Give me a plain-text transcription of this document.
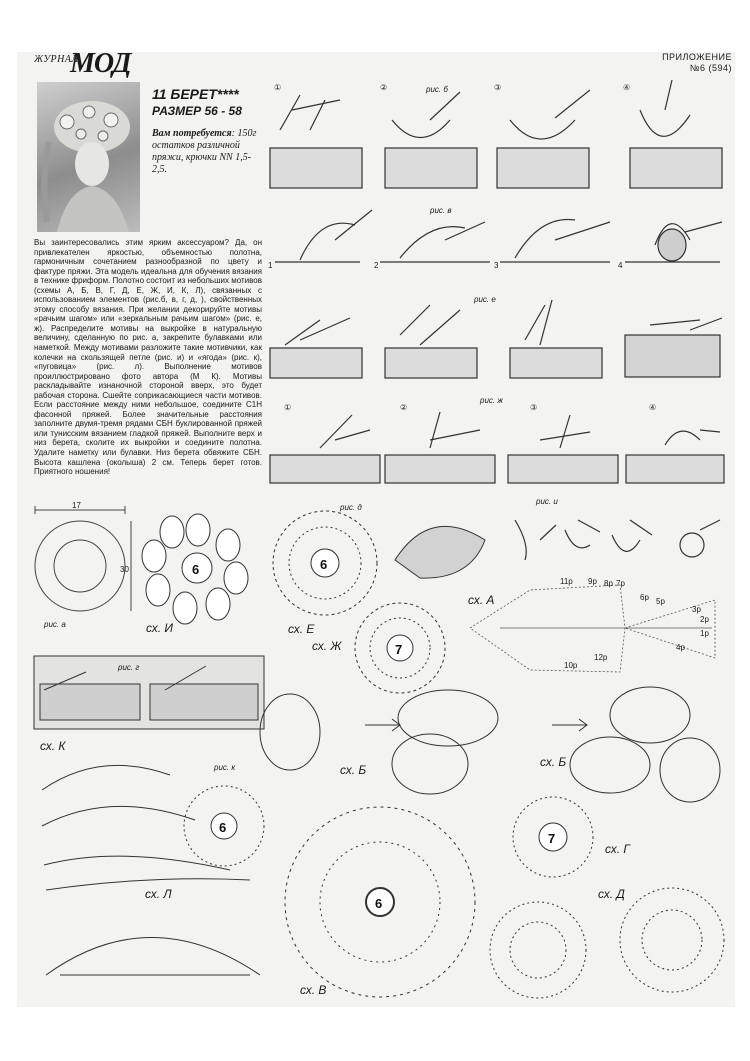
ЖУРНАЛ
МОД	ПРИЛОЖЕНИЕ
№6 (594)
11 БЕРЕТ****
РАЗМЕР 56 - 58
Вам потребуется: 150г остатков различной пряжи, крючки NN 1,5-2,5.

Вы заинтересовались этим ярким аксессуаром? Да, он привлекателен яркостью, объемностью полотна, гармоничным сочетанием разнообразной по цвету и фактуре пряжи. Эта модель идеальна для обучения вязания в технике фриформ. Полотно состоит из небольших мотивов (схемы А, Б, В, Г, Д, Е, Ж, И, К, Л), связанных с использованием элементов (рис.б, в, г, д, ), свойственных этому способу вязания. При желании декорируйте мотивы «рачьим шагом» или «зеркальным рачьим шагом» (рис. е, ж). Распределите мотивы на выкройке в натуральную величину, сделанную по рис. а, закрепите булавками или наметкой. Между мотивами разложите такие мотивчики, как колечки на скользящей петле (рис. и) и «ягода» (рис. к), «пуговица» (рис. л). Выполнение мотивов проиллюстрировано фото автора (М К). Мотивы раскладывайте изнаночной стороной вверх, это будет рабочая сторона. Сшейте соприкасающиеся части мотивов. Если расстояние между ними небольшое, соедините С1Н фасонной пряжей. Более значительные расстояния заполните двумя-тремя рядами СБН буклированной пряжей или тунисским вязанием гладкой пряжей. Выполните верх и низ берета, сколите их выкройки и соедините полотна. Удалите наметку или булавки. Низ берета обвяжите СБН. Высота кашлена (околыша) 2 см. Теперь берет готов. Приятного ношения!

①	②	③	④
рис. б
рис. в
1	2	3	4
рис. е
①	②	③	④
рис. ж
17
30
рис. а
6
сх. И
6
сх. Е
рис. д
рис. и
сх. А
11р 9р 8р 7р
6р 5р
3р
2р
1р
4р
10р
12р
7
сх. Ж
рис. г
сх. К
6
рис. к	сх. Б
сх. Б
сх. Л
6
сх. В
7
сх. Г
сх. Д
